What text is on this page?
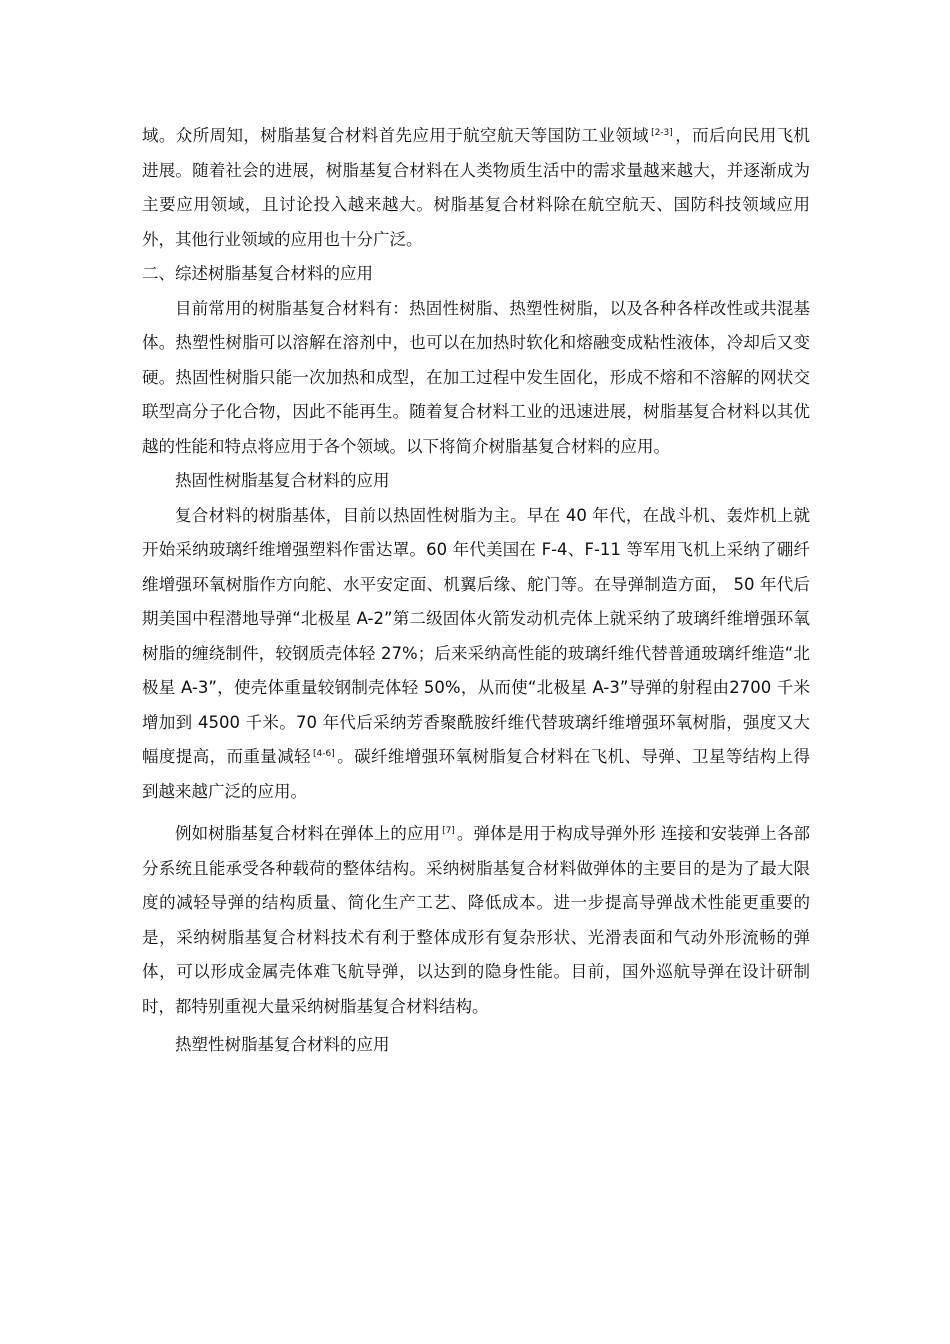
域。众所周知，树脂基复合材料首先应用于航空航天等国防工业领域 [2-3] ，而后向民用飞机进展。随着社会的进展，树脂基复合材料在人类物质生活中的需求量越来越大，并逐渐成为主要应用领域，且讨论投入越来越大。树脂基复合材料除在航空航天、国防科技领域应用外，其他行业领域的应用也十分广泛。

二、综述树脂基复合材料的应用

目前常用的树脂基复合材料有：热固性树脂、热塑性树脂，以及各种各样改性或共混基体。热塑性树脂可以溶解在溶剂中，也可以在加热时软化和熔融变成粘性液体，冷却后又变硬。热固性树脂只能一次加热和成型，在加工过程中发生固化，形成不熔和不溶解的网状交联型高分子化合物，因此不能再生。随着复合材料工业的迅速进展，树脂基复合材料以其优越的性能和特点将应用于各个领域。以下将简介树脂基复合材料的应用。

热固性树脂基复合材料的应用

复合材料的树脂基体，目前以热固性树脂为主。早在 40 年代，在战斗机、轰炸机上就开始采纳玻璃纤维增强塑料作雷达罩。60 年代美国在 F-4、F-11 等军用飞机上采纳了硼纤维增强环氧树脂作方向舵、水平安定面、机翼后缘、舵门等。在导弹制造方面， 50 年代后期美国中程潜地导弹“北极星 A-2”第二级固体火箭发动机壳体上就采纳了玻璃纤维增强环氧树脂的缠绕制件，较钢质壳体轻 27%；后来采纳高性能的玻璃纤维代替普通玻璃纤维造“北极星 A-3”，使壳体重量较钢制壳体轻 50%，从而使“北极星 A-3”导弹的射程由2700 千米增加到 4500 千米。70 年代后采纳芳香聚酰胺纤维代替玻璃纤维增强环氧树脂，强度又大幅度提高，而重量减轻 [4-6] 。碳纤维增强环氧树脂复合材料在飞机、导弹、卫星等结构上得到越来越广泛的应用。

例如树脂基复合材料在弹体上的应用 [7] 。弹体是用于构成导弹外形 连接和安装弹上各部分系统且能承受各种载荷的整体结构。采纳树脂基复合材料做弹体的主要目的是为了最大限度的减轻导弹的结构质量、简化生产工艺、降低成本。进一步提高导弹战术性能更重要的是，采纳树脂基复合材料技术有利于整体成形有复杂形状、光滑表面和气动外形流畅的弹体，可以形成金属壳体难飞航导弹，以达到的隐身性能。目前，国外巡航导弹在设计研制时，都特别重视大量采纳树脂基复合材料结构。

热塑性树脂基复合材料的应用
